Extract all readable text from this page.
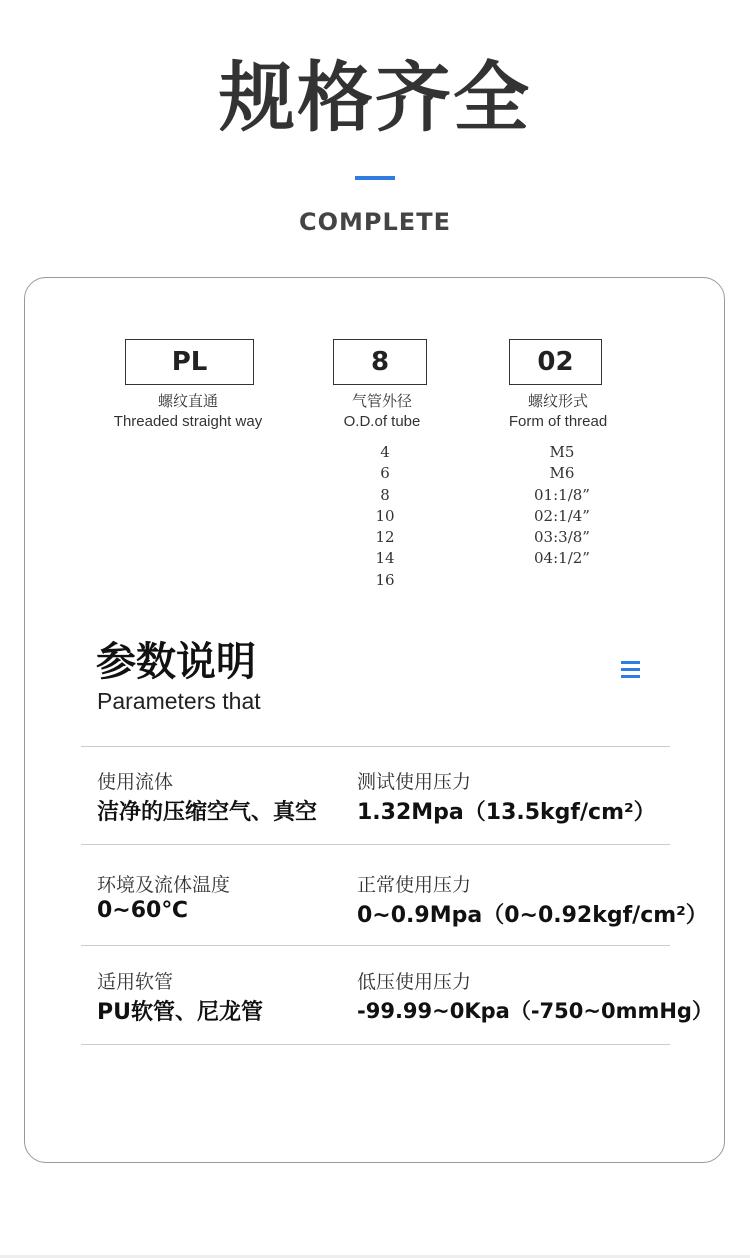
规格齐全
COMPLETE
PL
螺纹直通
Threaded straight way
8
气管外径
O.D.of tube
4
6
8
10
12
14
16
02
螺纹形式
Form of thread
M5
M6
01:1/8”
02:1/4”
03:3/8”
04:1/2”
参数说明
Parameters that
使用流体
洁净的压缩空气、真空
测试使用压力
1.32Mpa（13.5kgf/cm²）
环境及流体温度
0~60℃
正常使用压力
0~0.9Mpa（0~0.92kgf/cm²）
适用软管
PU软管、尼龙管
低压使用压力
-99.99~0Kpa（-750~0mmHg）
